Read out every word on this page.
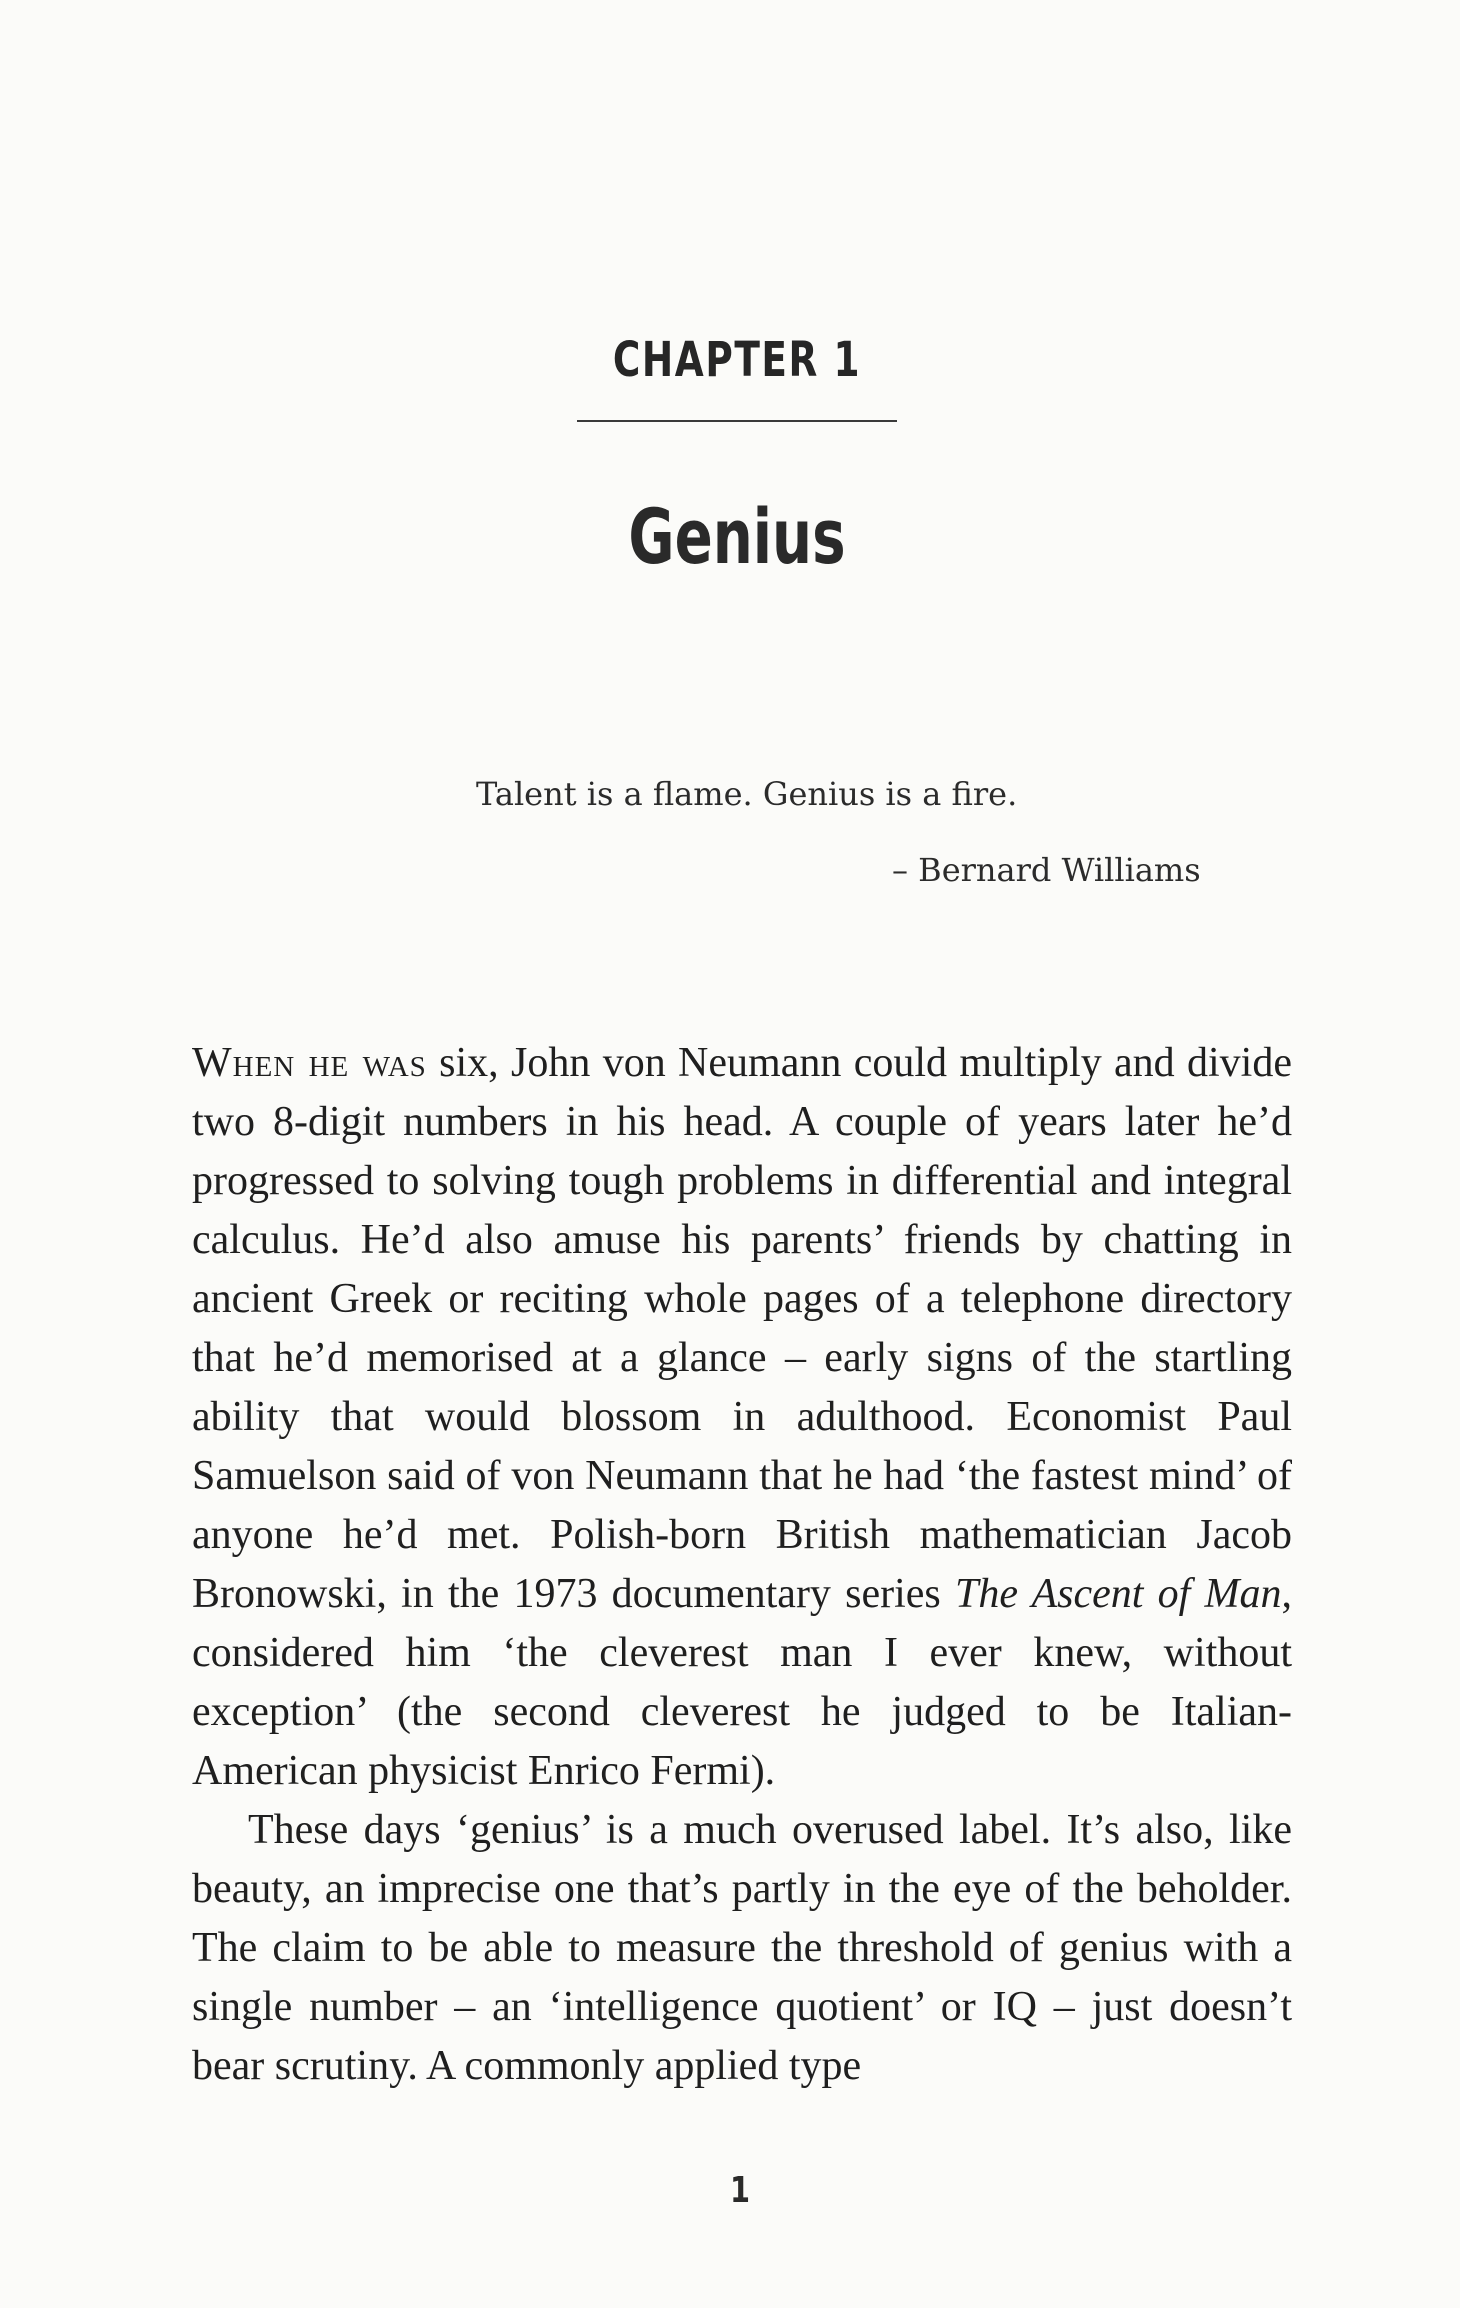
CHAPTER 1
Genius
Talent is a flame. Genius is a fire.
– Bernard Williams

When he was six, John von Neumann could multiply and divide two 8-digit numbers in his head. A couple of years later he’d progressed to solving tough problems in differential and integral calculus. He’d also amuse his parents’ friends by chatting in ancient Greek or reciting whole pages of a telephone directory that he’d memorised at a glance – early signs of the startling ability that would blossom in adulthood. Economist Paul Samuelson said of von Neumann that he had ‘the fastest mind’ of anyone he’d met. Polish-born British mathematician Jacob Bronowski, in the 1973 documentary series The Ascent of Man, considered him ‘the cleverest man I ever knew, without exception’ (the second cleverest he judged to be Italian-American physicist Enrico Fermi).

These days ‘genius’ is a much overused label. It’s also, like beauty, an imprecise one that’s partly in the eye of the beholder. The claim to be able to measure the threshold of genius with a single number – an ‘intelligence quotient’ or IQ – just doesn’t bear scrutiny. A commonly applied type

1
